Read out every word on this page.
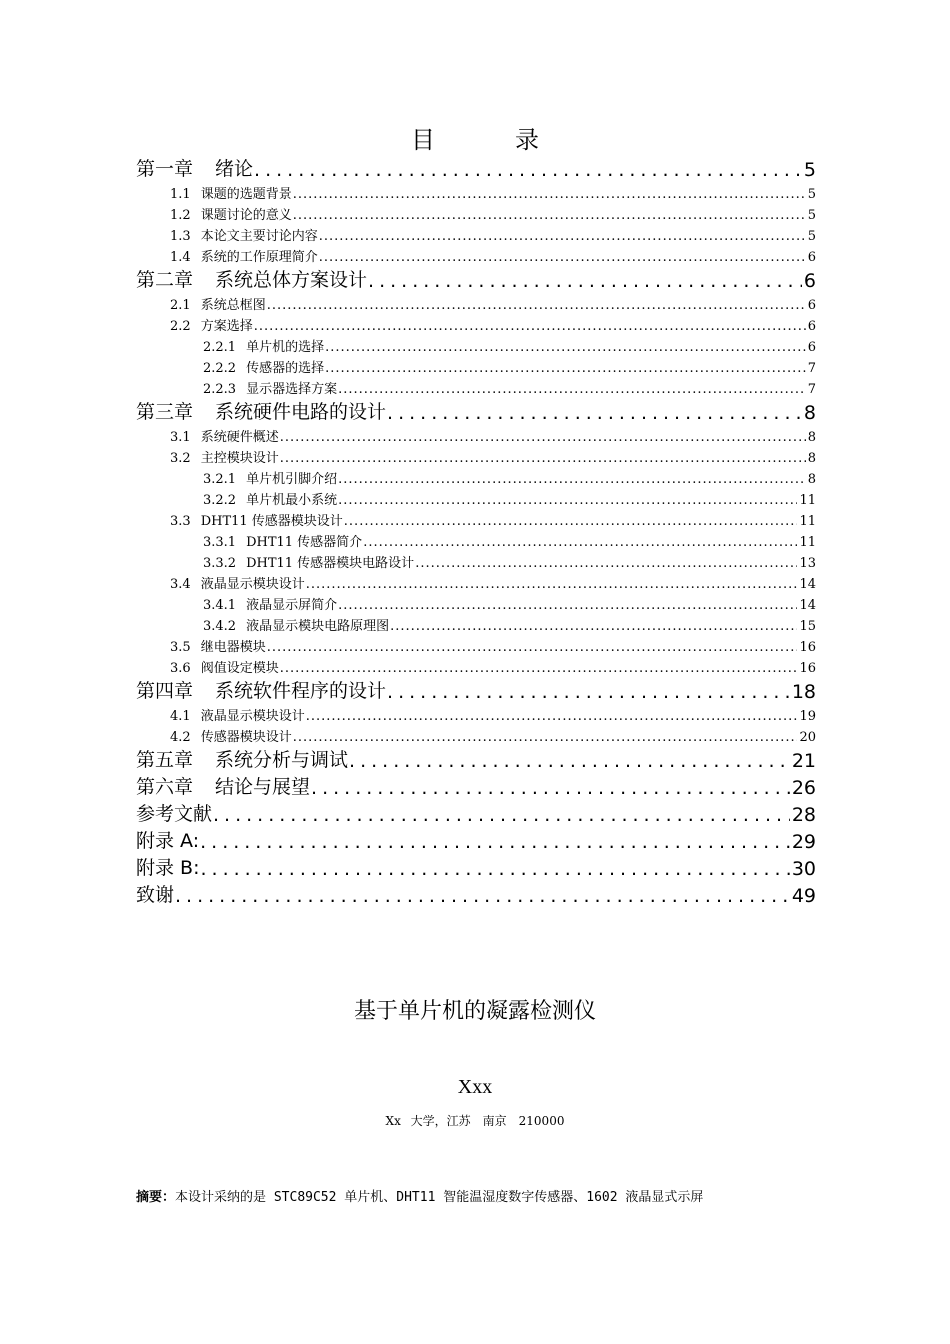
目　录
第一章 绪论 .....	5
1.1 课题的选题背景 .....	5
1.2 课题讨论的意义 .....	5
1.3 本论文主要讨论内容 .....	5
1.4 系统的工作原理简介 .....	6
第二章 系统总体方案设计 .....	6
2.1 系统总框图 .....	6
2.2 方案选择 .....	6
2.2.1 单片机的选择 .....	6
2.2.2 传感器的选择 .....	7
2.2.3 显示器选择方案 .....	7
第三章 系统硬件电路的设计 .....	8
3.1 系统硬件概述 .....	8
3.2 主控模块设计 .....	8
3.2.1 单片机引脚介绍 .....	8
3.2.2 单片机最小系统 .....	11
3.3 DHT11 传感器模块设计 .....	11
3.3.1 DHT11 传感器简介 .....	11
3.3.2 DHT11 传感器模块电路设计 .....	13
3.4 液晶显示模块设计 .....	14
3.4.1 液晶显示屏简介 .....	14
3.4.2 液晶显示模块电路原理图 .....	15
3.5 继电器模块 .....	16
3.6 阀值设定模块 .....	16
第四章 系统软件程序的设计 .....	18
4.1 液晶显示模块设计 .....	19
4.2 传感器模块设计 .....	20
第五章 系统分析与调试 .....	21
第六章 结论与展望 .....	26
参考文献 .....	28
附录 A: .....	29
附录 B: .....	30
致谢 .....	49
基于单片机的凝露检测仪
Xxx
Xx 大学，江苏　南京　210000
摘要：本设计采纳的是 STC89C52 单片机、DHT11 智能温湿度数字传感器、1602 液晶显式示屏
